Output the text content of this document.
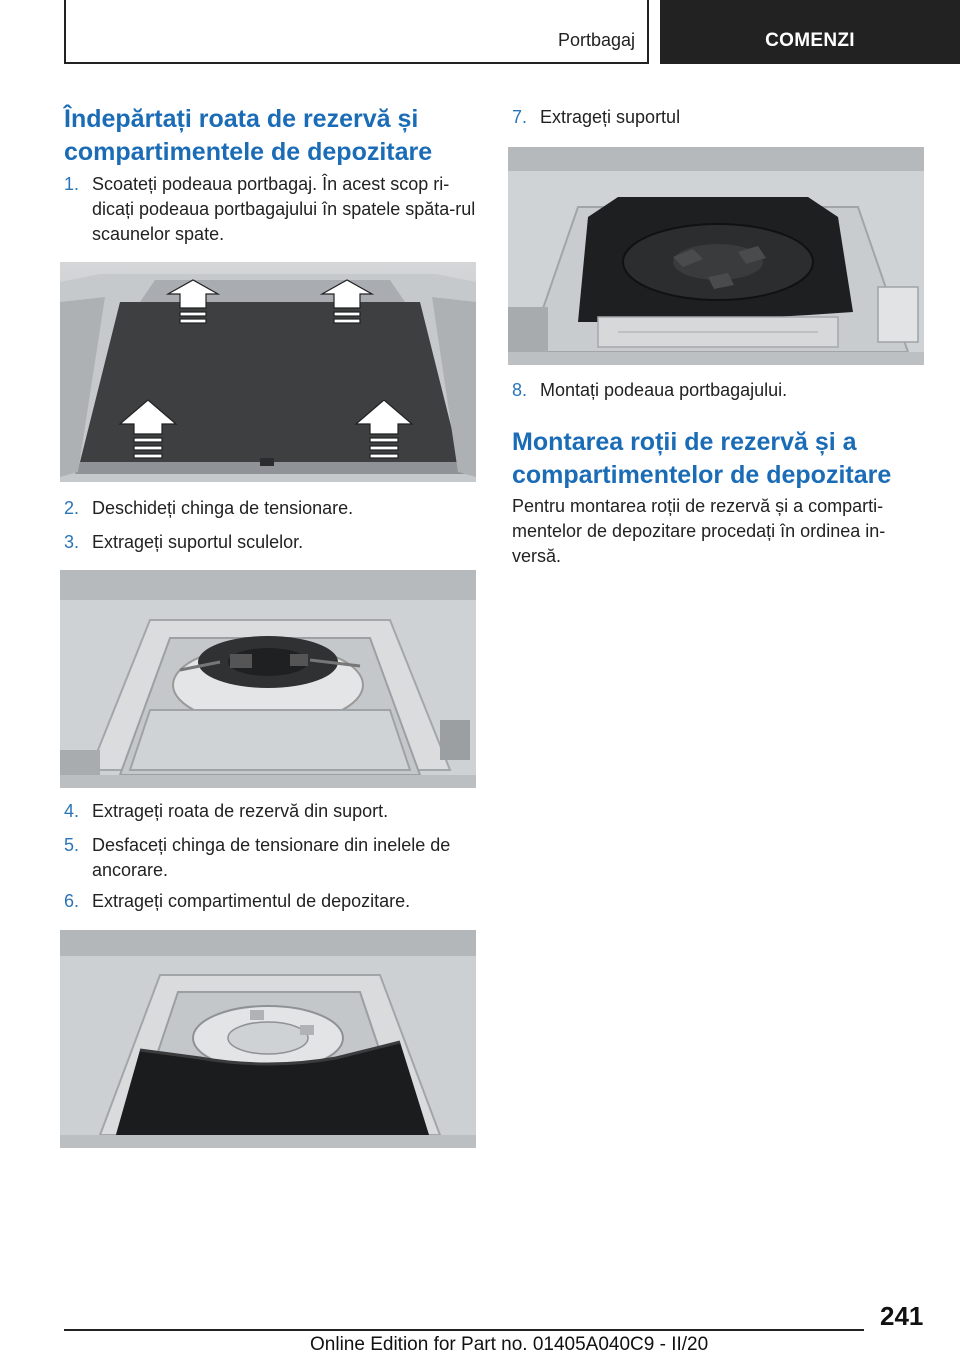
Portbagaj	COMENZI
Îndepărtați roata de rezervă și compartimentele de depozitare
1. Scoateți podeaua portbagaj. În acest scop ri‐dicați podeaua portbagajului în spatele spăta‐rul scaunelor spate.
2. Deschideți chinga de tensionare.
3. Extrageți suportul sculelor.
4. Extrageți roata de rezervă din suport.
5. Desfaceți chinga de tensionare din inelele de ancorare.
6. Extrageți compartimentul de depozitare.
7. Extrageți suportul
8. Montați podeaua portbagajului.
Montarea roții de rezervă și a compartimentelor de depozitare
Pentru montarea roții de rezervă și a comparti‐mentelor de depozitare procedați în ordinea in‐versă.
241
Online Edition for Part no. 01405A040C9 - II/20
